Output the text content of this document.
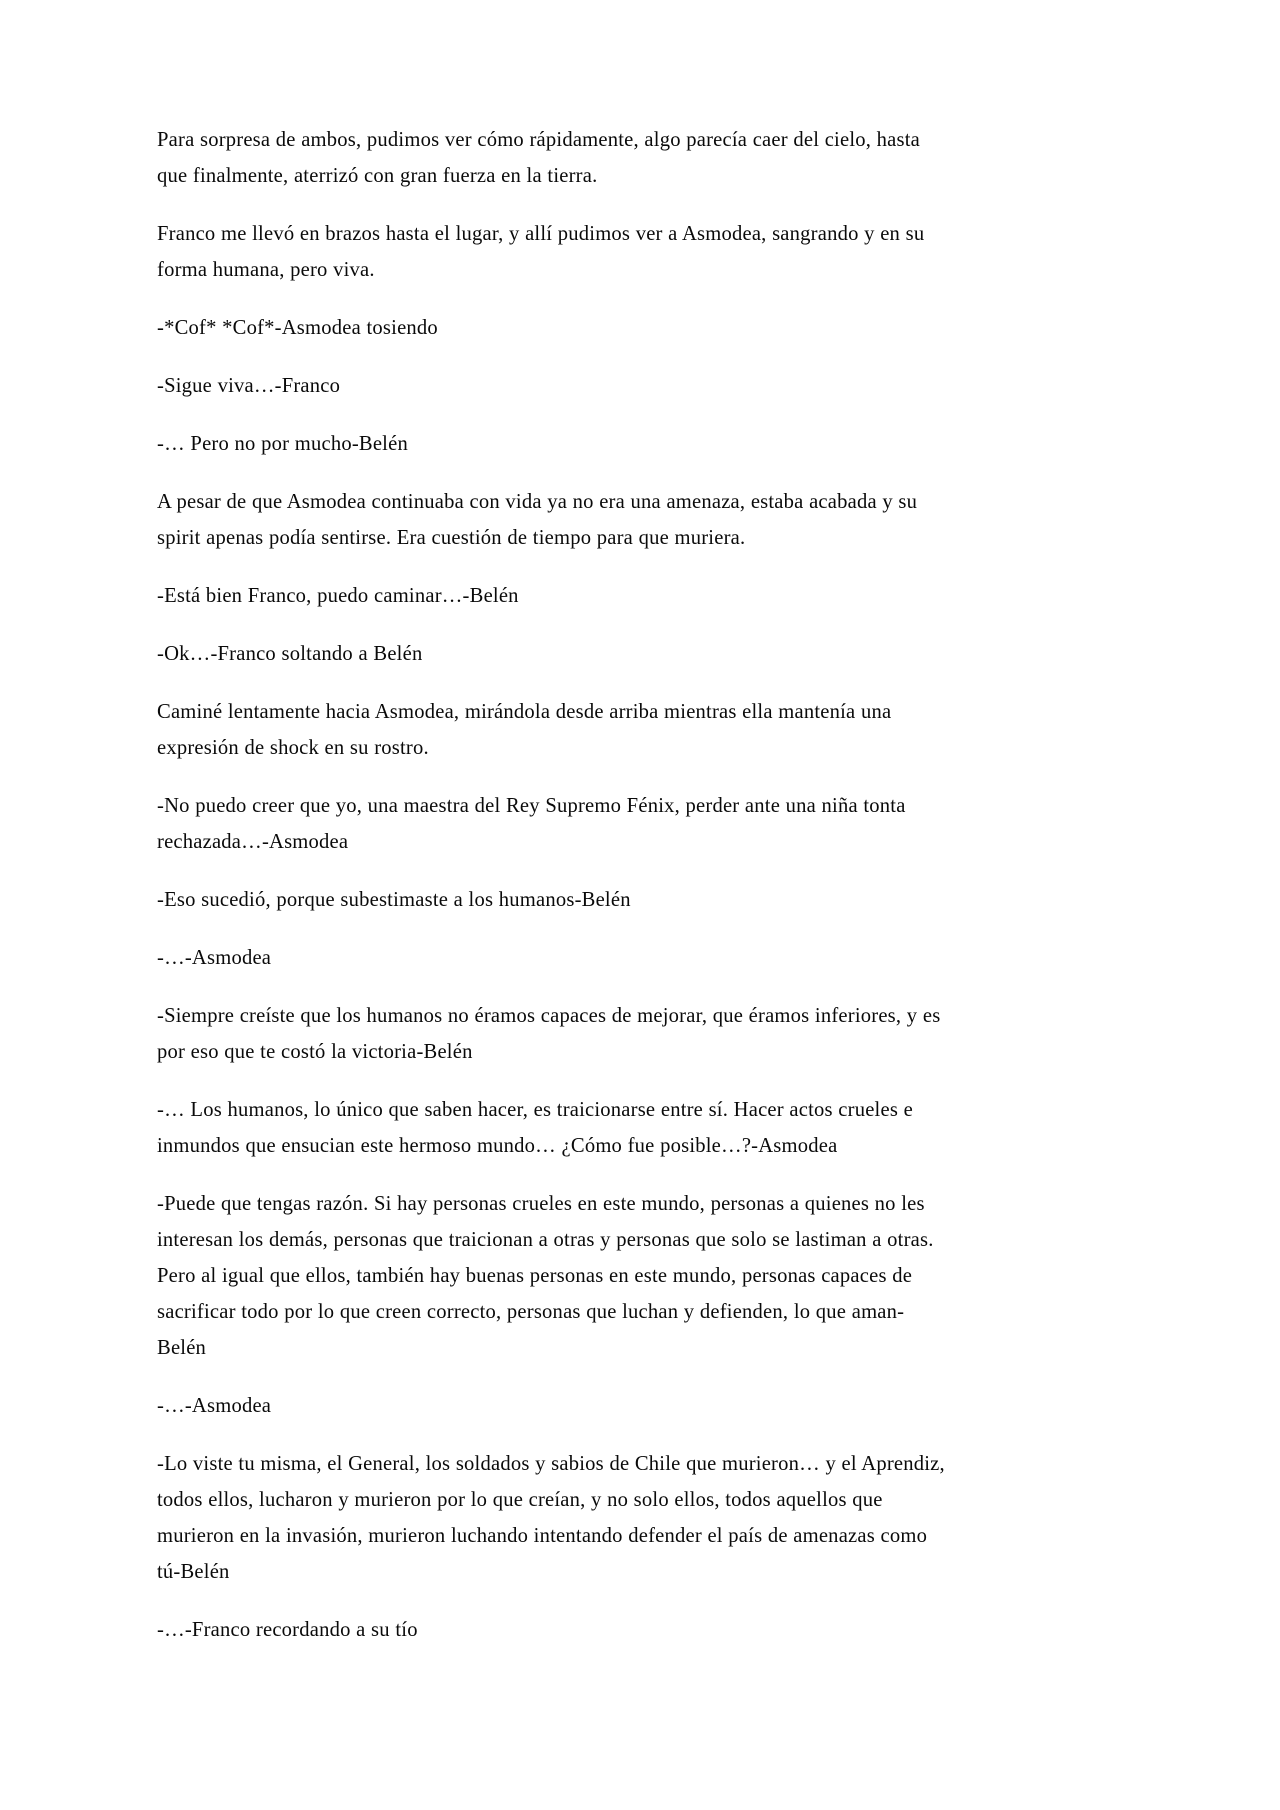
Para sorpresa de ambos, pudimos ver cómo rápidamente, algo parecía caer del cielo, hasta que finalmente, aterrizó con gran fuerza en la tierra.

Franco me llevó en brazos hasta el lugar, y allí pudimos ver a Asmodea, sangrando y en su forma humana, pero viva.

-*Cof* *Cof*-Asmodea tosiendo

-Sigue viva…-Franco

-… Pero no por mucho-Belén

A pesar de que Asmodea continuaba con vida ya no era una amenaza, estaba acabada y su spirit apenas podía sentirse. Era cuestión de tiempo para que muriera.

-Está bien Franco, puedo caminar…-Belén

-Ok…-Franco soltando a Belén

Caminé lentamente hacia Asmodea, mirándola desde arriba mientras ella mantenía una expresión de shock en su rostro.

-No puedo creer que yo, una maestra del Rey Supremo Fénix, perder ante una niña tonta rechazada…-Asmodea

-Eso sucedió, porque subestimaste a los humanos-Belén

-…-Asmodea

-Siempre creíste que los humanos no éramos capaces de mejorar, que éramos inferiores, y es por eso que te costó la victoria-Belén

-… Los humanos, lo único que saben hacer, es traicionarse entre sí. Hacer actos crueles e inmundos que ensucian este hermoso mundo… ¿Cómo fue posible…?-Asmodea

-Puede que tengas razón. Si hay personas crueles en este mundo, personas a quienes no les interesan los demás, personas que traicionan a otras y personas que solo se lastiman a otras. Pero al igual que ellos, también hay buenas personas en este mundo, personas capaces de sacrificar todo por lo que creen correcto, personas que luchan y defienden, lo que aman-Belén

-…-Asmodea

-Lo viste tu misma, el General, los soldados y sabios de Chile que murieron… y el Aprendiz, todos ellos, lucharon y murieron por lo que creían, y no solo ellos, todos aquellos que murieron en la invasión, murieron luchando intentando defender el país de amenazas como tú-Belén

-…-Franco recordando a su tío
